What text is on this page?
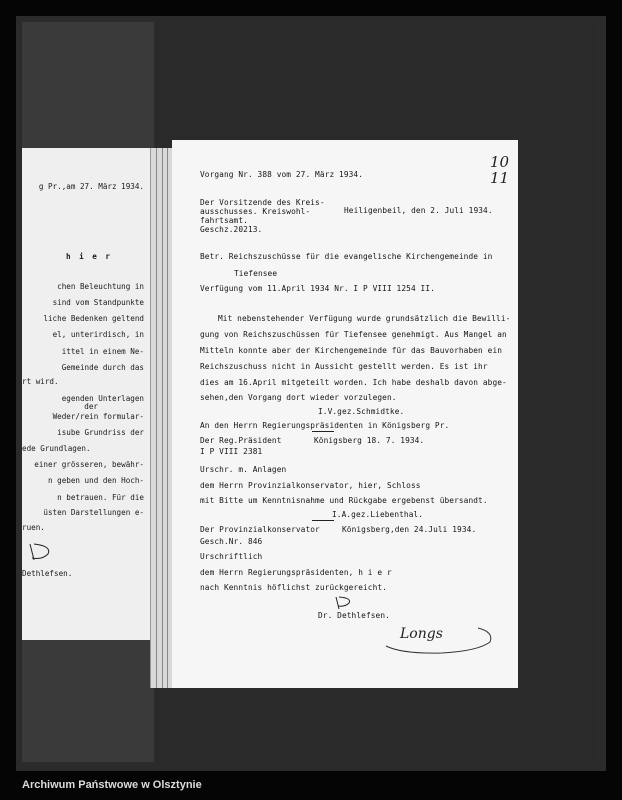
g Pr.,am 27. März 1934.
h i e r
chen Beleuchtung in
sind vom Standpunkte
liche Bedenken geltend
el, unterirdisch, in
ittel in einem Ne-
Gemeinde durch das
rt wird.
egenden Unterlagen
der
Weder/rein formular-
isube Grundriss der
ede Grundlagen.
einer grösseren, bewähr-
n geben und den Hoch-
n betrauen. Für die
üsten Darstellungen e-
ruen.
Dethlefsen.
10 11
Vorgang Nr. 388 vom 27. März 1934.
Der Vorsitzende des Kreis-
ausschusses. Kreiswohl-
fahrtsamt.
Geschz.20213.
Heiligenbeil, den 2. Juli 1934.
Betr. Reichszuschüsse für die evangelische Kirchengemeinde in
Tiefensee
Verfügung vom 11.April 1934 Nr. I P VIII 1254 II.
Mit nebenstehender Verfügung wurde grundsätzlich die Bewilli-
gung von Reichszuschüssen für Tiefensee genehmigt. Aus Mangel an
Mitteln konnte aber der Kirchengemeinde für das Bauvorhaben ein
Reichszuschuss nicht in Aussicht gestellt werden. Es ist ihr
dies am 16.April mitgeteilt worden. Ich habe deshalb davon abge-
sehen,den Vorgang dort wieder vorzulegen.
I.V.gez.Schmidtke.
An den Herrn Regierungspräsidenten in Königsberg Pr.
Der Reg.Präsident	Königsberg 18. 7. 1934.
I P VIII 2381
Urschr. m. Anlagen
dem Herrn Provinzialkonservator, hier, Schloss
mit Bitte um Kenntnisnahme und Rückgabe ergebenst übersandt.
I.A.gez.Liebenthal.
Der Provinzialkonservator	Königsberg,den 24.Juli 1934.
Gesch.Nr. 846
Urschriftlich
dem Herrn Regierungspräsidenten, h i e r
nach Kenntnis höflichst zurückgereicht.
Dr. Dethlefsen.
Longs
Archiwum Państwowe w Olsztynie
